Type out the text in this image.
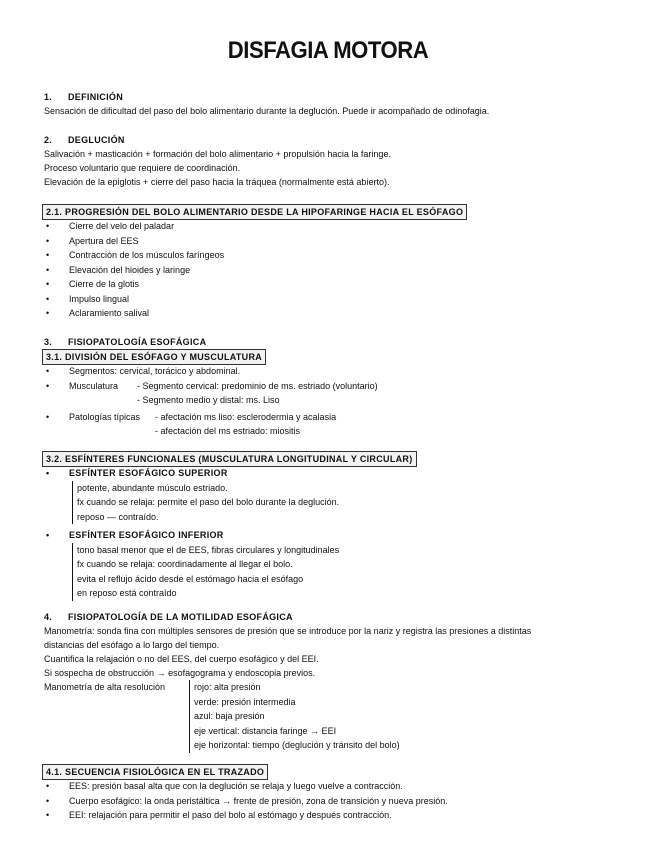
DISFAGIA MOTORA
1. DEFINICIÓN
Sensación de dificultad del paso del bolo alimentario durante la deglución. Puede ir acompañado de odinofagia.
2. DEGLUCIÓN
Salivación + masticación + formación del bolo alimentario + propulsión hacia la faringe.
Proceso voluntario que requiere de coordinación.
Elevación de la epiglotis + cierre del paso hacia la tráquea (normalmente está abierto).
2.1. PROGRESIÓN DEL BOLO ALIMENTARIO DESDE LA HIPOFARINGE HACIA EL ESÓFAGO
• Cierre del velo del paladar
• Apertura del EES
• Contracción de los músculos faríngeos
• Elevación del hioides y laringe
• Cierre de la glotis
• Impulso lingual
• Aclaramiento salival
3. FISIOPATOLOGÍA ESOFÁGICA
3.1. DIVISIÓN DEL ESÓFAGO Y MUSCULATURA
• Segmentos: cervical, torácico y abdominal.
• Musculatura - Segmento cervical: predominio de ms. estriado (voluntario)
- Segmento medio y distal: ms. Liso
• Patologías típicas - afectación ms liso: esclerodermia y acalasia
- afectación del ms estriado: miositis
3.2. ESFÍNTERES FUNCIONALES (MUSCULATURA LONGITUDINAL Y CIRCULAR)
• ESFÍNTER ESOFÁGICO SUPERIOR
potente, abundante músculo estriado.
fx cuando se relaja: permite el paso del bolo durante la deglución.
reposo — contraído.
• ESFÍNTER ESOFÁGICO INFERIOR
tono basal menor que el de EES, fibras circulares y longitudinales
fx cuando se relaja: coordinadamente al llegar el bolo.
evita el reflujo ácido desde el estómago hacia el esófago
en reposo está contraído
4. FISIOPATOLOGÍA DE LA MOTILIDAD ESOFÁGICA
Manometría: sonda fina con múltiples sensores de presión que se introduce por la nariz y registra las presiones a distintas
distancias del esófago a lo largo del tiempo.
Cuantifica la relajación o no del EES, del cuerpo esofágico y del EEI.
Si sospecha de obstrucción → esofagograma y endoscopia previos.
Manometría de alta resolución	rojo: alta presión
verde: presión intermedia
azul: baja presión
eje vertical: distancia faringe → EEI
eje horizontal: tiempo (deglución y tránsito del bolo)
4.1. SECUENCIA FISIOLÓGICA EN EL TRAZADO
• EES: presión basal alta que con la deglución se relaja y luego vuelve a contracción.
• Cuerpo esofágico: la onda peristáltica → frente de presión, zona de transición y nueva presión.
• EEI: relajación para permitir el paso del bolo al estómago y después contracción.
